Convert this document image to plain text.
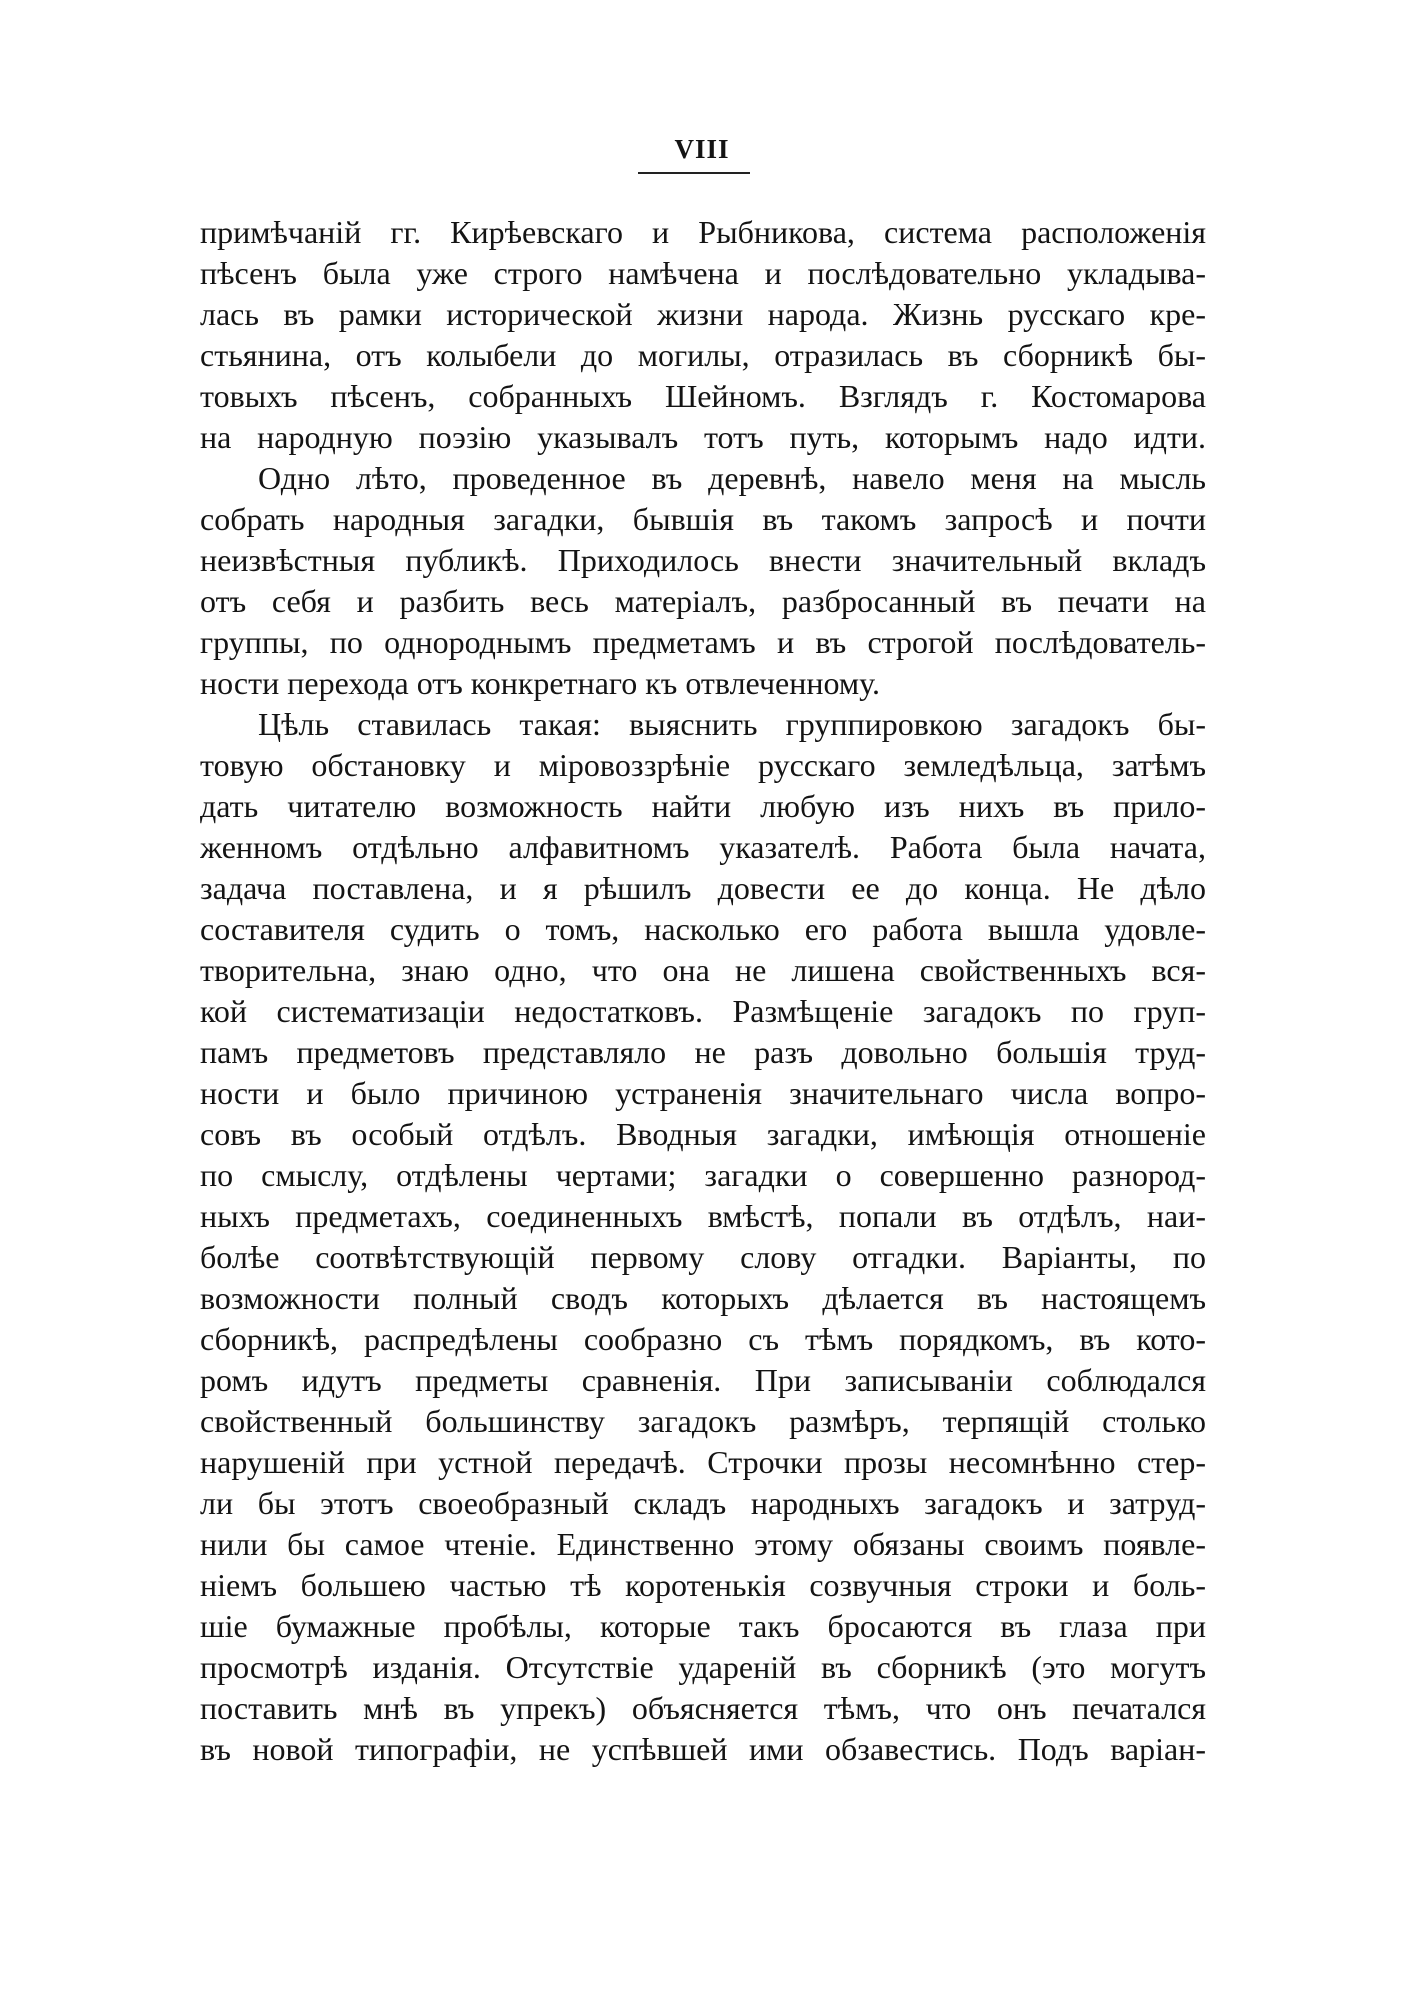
VIII
примѣчаній гг. Кирѣевскаго и Рыбникова, система расположенія
пѣсенъ была уже строго намѣчена и послѣдовательно укладыва-
лась въ рамки исторической жизни народа. Жизнь русскаго кре-
стьянина, отъ колыбели до могилы, отразилась въ сборникѣ бы-
товыхъ пѣсенъ, собранныхъ Шейномъ. Взглядъ г. Костомарова
на народную поэзію указывалъ тотъ путь, которымъ надо идти.
Одно лѣто, проведенное въ деревнѣ, навело меня на мысль
собрать народныя загадки, бывшія въ такомъ запросѣ и почти
неизвѣстныя публикѣ. Приходилось внести значительный вкладъ
отъ себя и разбить весь матеріалъ, разбросанный въ печати на
группы, по однороднымъ предметамъ и въ строгой послѣдователь-
ности перехода отъ конкретнаго къ отвлеченному.
Цѣль ставилась такая: выяснить группировкою загадокъ бы-
товую обстановку и міровоззрѣніе русскаго земледѣльца, затѣмъ
дать читателю возможность найти любую изъ нихъ въ прило-
женномъ отдѣльно алфавитномъ указателѣ. Работа была начата,
задача поставлена, и я рѣшилъ довести ее до конца. Не дѣло
составителя судить о томъ, насколько его работа вышла удовле-
творительна, знаю одно, что она не лишена свойственныхъ вся-
кой систематизаціи недостатковъ. Размѣщеніе загадокъ по груп-
памъ предметовъ представляло не разъ довольно большія труд-
ности и было причиною устраненія значительнаго числа вопро-
совъ въ особый отдѣлъ. Вводныя загадки, имѣющія отношеніе
по смыслу, отдѣлены чертами; загадки о совершенно разнород-
ныхъ предметахъ, соединенныхъ вмѣстѣ, попали въ отдѣлъ, наи-
болѣе соотвѣтствующій первому слову отгадки. Варіанты, по
возможности полный сводъ которыхъ дѣлается въ настоящемъ
сборникѣ, распредѣлены сообразно съ тѣмъ порядкомъ, въ кото-
ромъ идутъ предметы сравненія. При записываніи соблюдался
свойственный большинству загадокъ размѣръ, терпящій столько
нарушеній при устной передачѣ. Строчки прозы несомнѣнно стер-
ли бы этотъ своеобразный складъ народныхъ загадокъ и затруд-
нили бы самое чтеніе. Единственно этому обязаны своимъ появле-
ніемъ большею частью тѣ коротенькія созвучныя строки и боль-
шіе бумажные пробѣлы, которые такъ бросаются въ глаза при
просмотрѣ изданія. Отсутствіе удареній въ сборникѣ (это могутъ
поставить мнѣ въ упрекъ) объясняется тѣмъ, что онъ печатался
въ новой типографіи, не успѣвшей ими обзавестись. Подъ варіан-
